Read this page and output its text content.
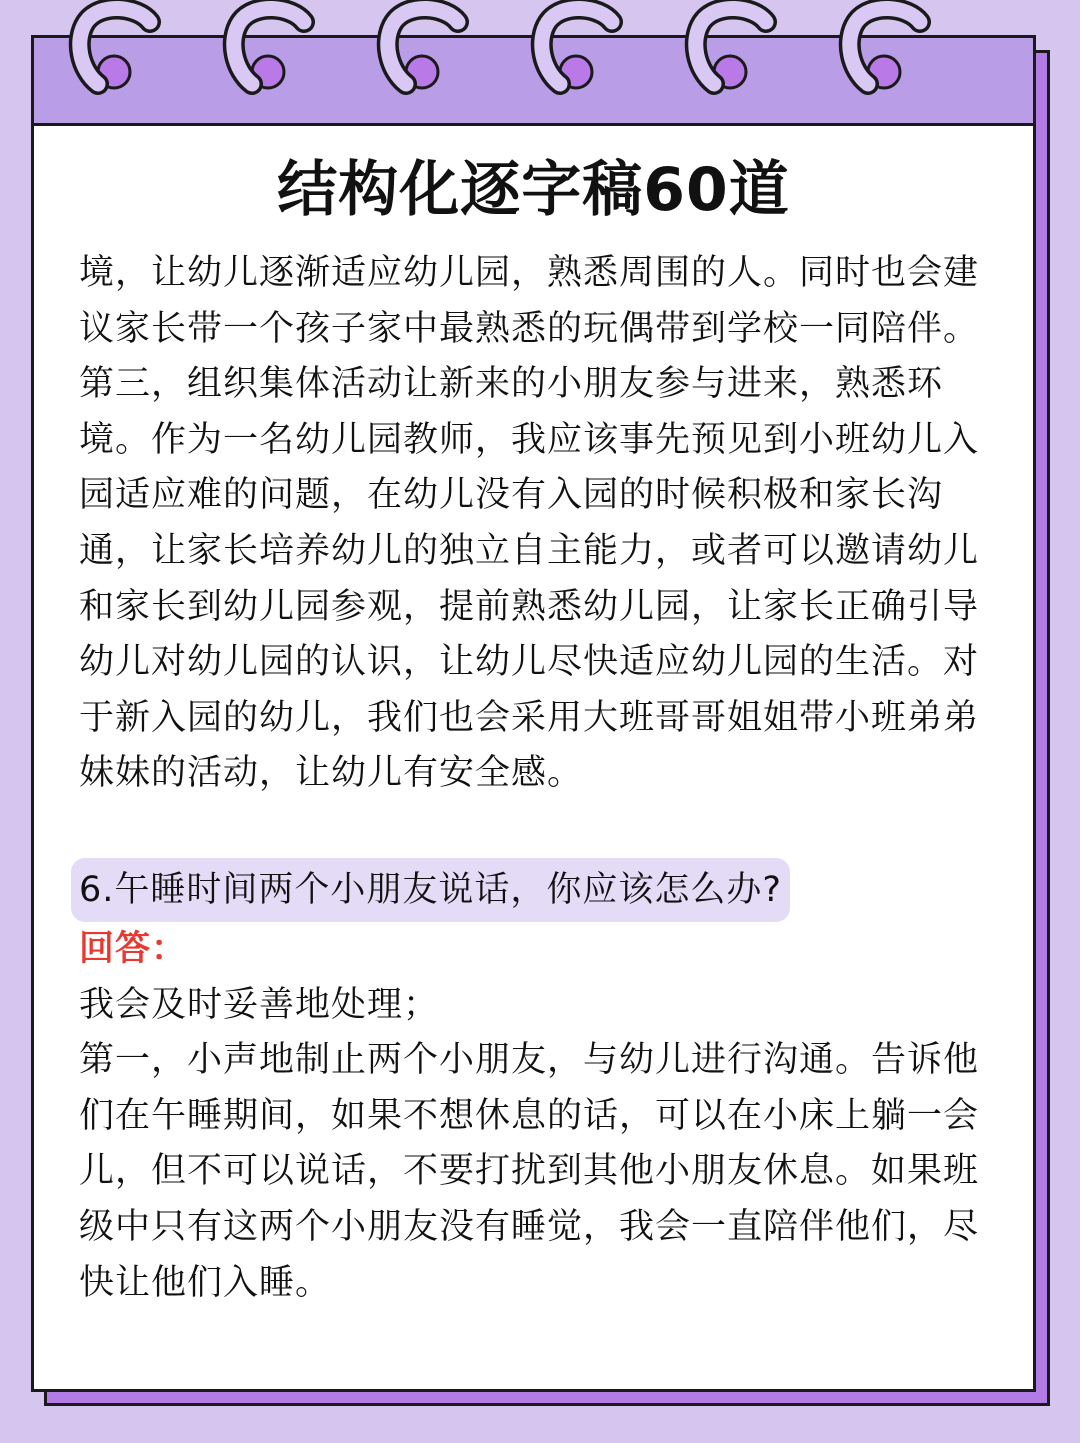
结构化逐字稿60道

境，让幼儿逐渐适应幼儿园，熟悉周围的人。同时也会建议家长带一个孩子家中最熟悉的玩偶带到学校一同陪伴。

第三，组织集体活动让新来的小朋友参与进来，熟悉环境。作为一名幼儿园教师，我应该事先预见到小班幼儿入园适应难的问题，在幼儿没有入园的时候积极和家长沟通，让家长培养幼儿的独立自主能力，或者可以邀请幼儿和家长到幼儿园参观，提前熟悉幼儿园，让家长正确引导幼儿对幼儿园的认识，让幼儿尽快适应幼儿园的生活。对于新入园的幼儿，我们也会采用大班哥哥姐姐带小班弟弟妹妹的活动，让幼儿有安全感。

6.午睡时间两个小朋友说话，你应该怎么办?

回答：

我会及时妥善地处理；

第一，小声地制止两个小朋友，与幼儿进行沟通。告诉他们在午睡期间，如果不想休息的话，可以在小床上躺一会儿，但不可以说话，不要打扰到其他小朋友休息。如果班级中只有这两个小朋友没有睡觉，我会一直陪伴他们，尽快让他们入睡。
